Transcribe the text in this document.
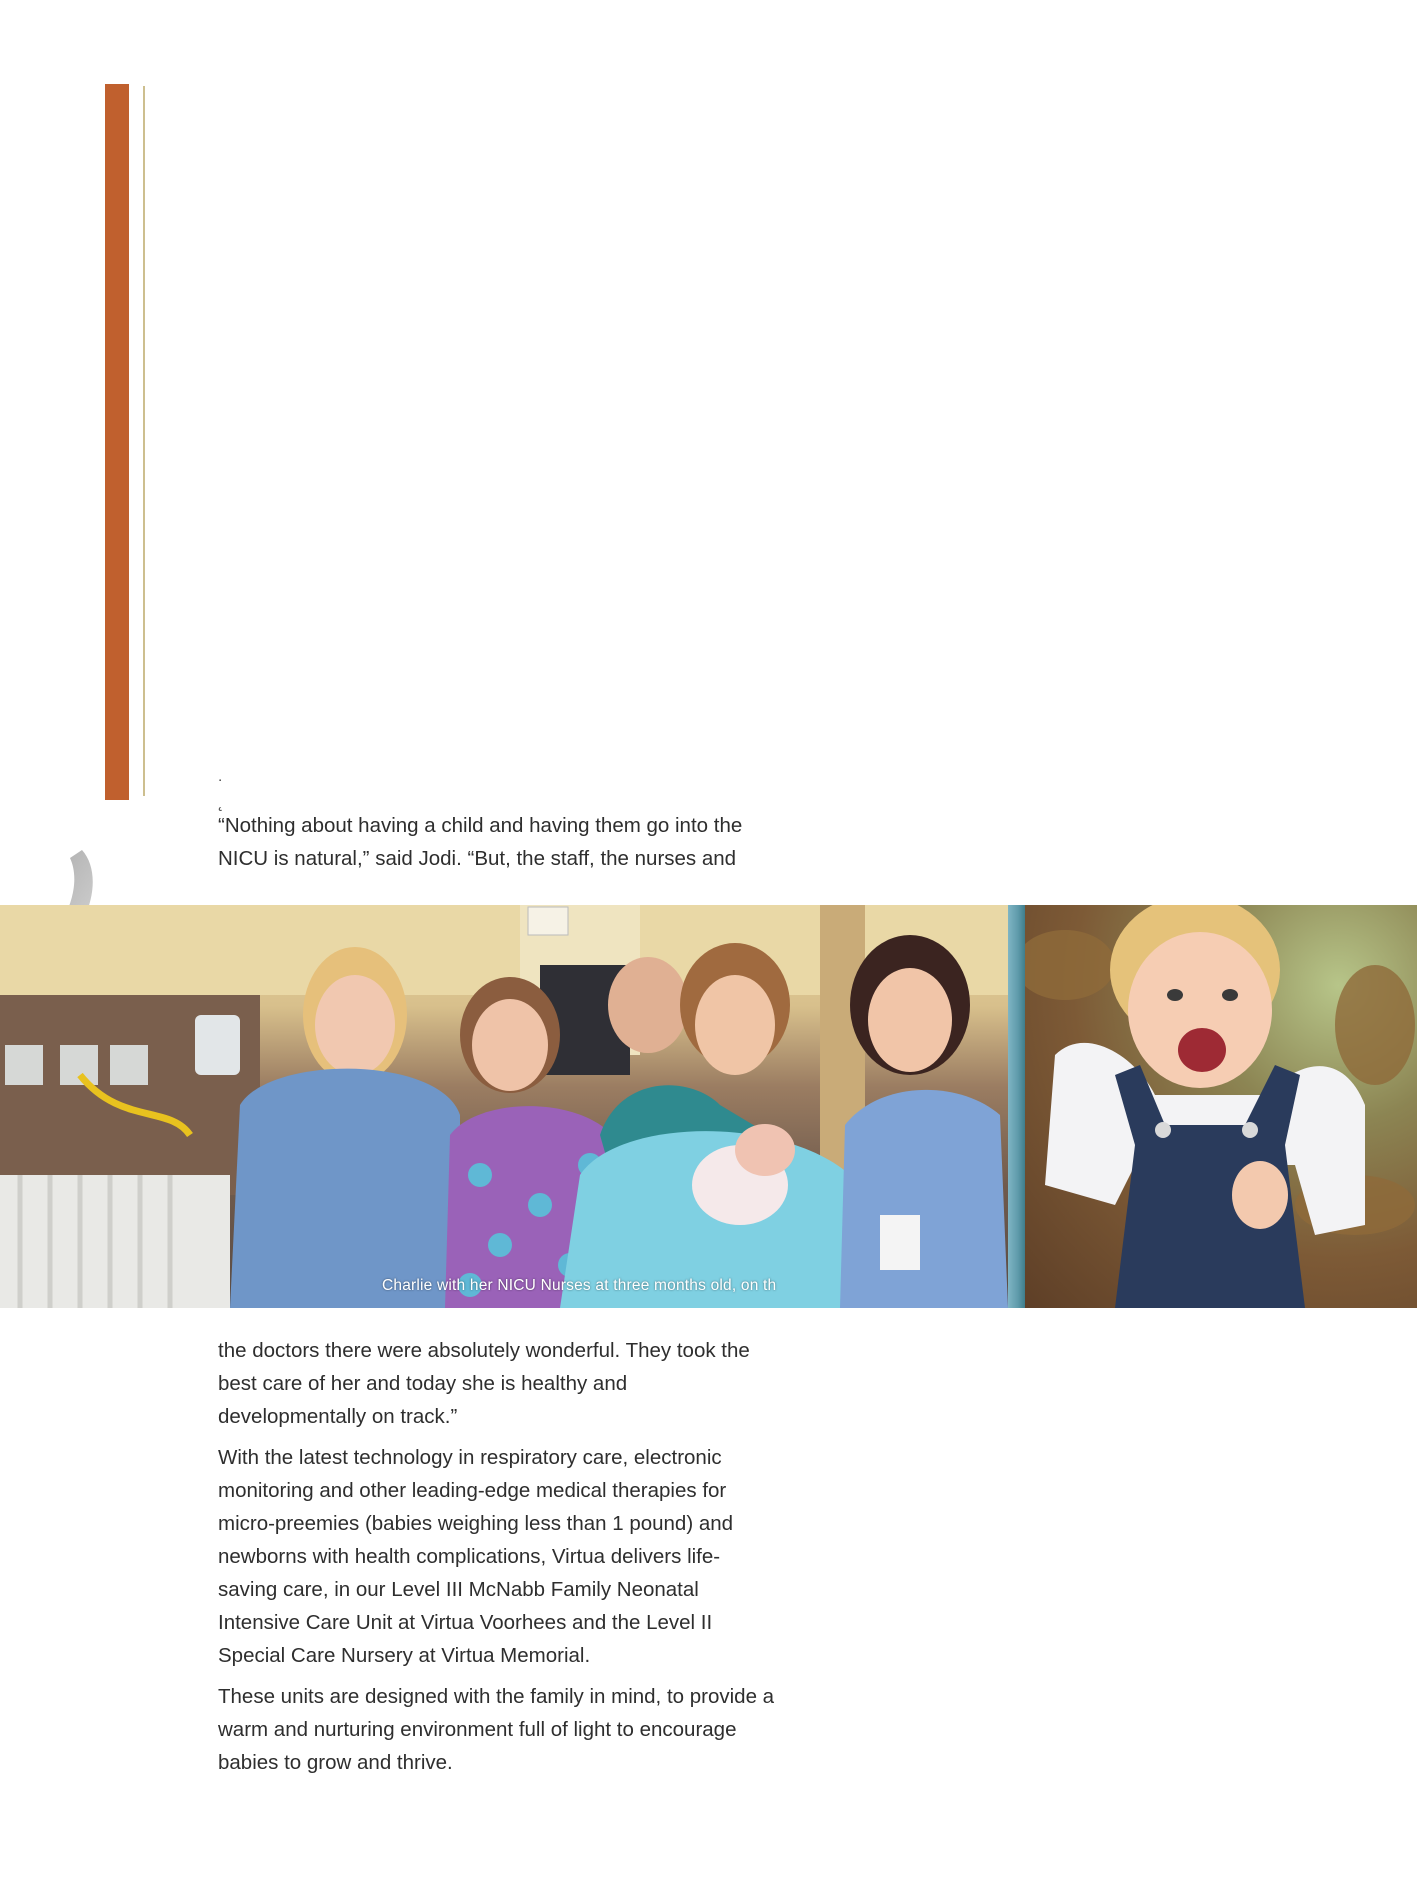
˙ ˛

“Nothing about having a child and having them go into the NICU is natural,” said Jodi. “But, the staff, the nurses and

Charlie with her NICU Nurses at three months old, on th

the doctors there were absolutely wonderful. They took the best care of her and today she is healthy and developmentally on track.”

With the latest technology in respiratory care, electronic monitoring and other leading-edge medical therapies for micro-preemies (babies weighing less than 1 pound) and newborns with health complications, Virtua delivers life-saving care, in our Level III McNabb Family Neonatal Intensive Care Unit at Virtua Voorhees and the Level II Special Care Nursery at Virtua Memorial.

These units are designed with the family in mind, to provide a warm and nurturing environment full of light to encourage babies to grow and thrive.
